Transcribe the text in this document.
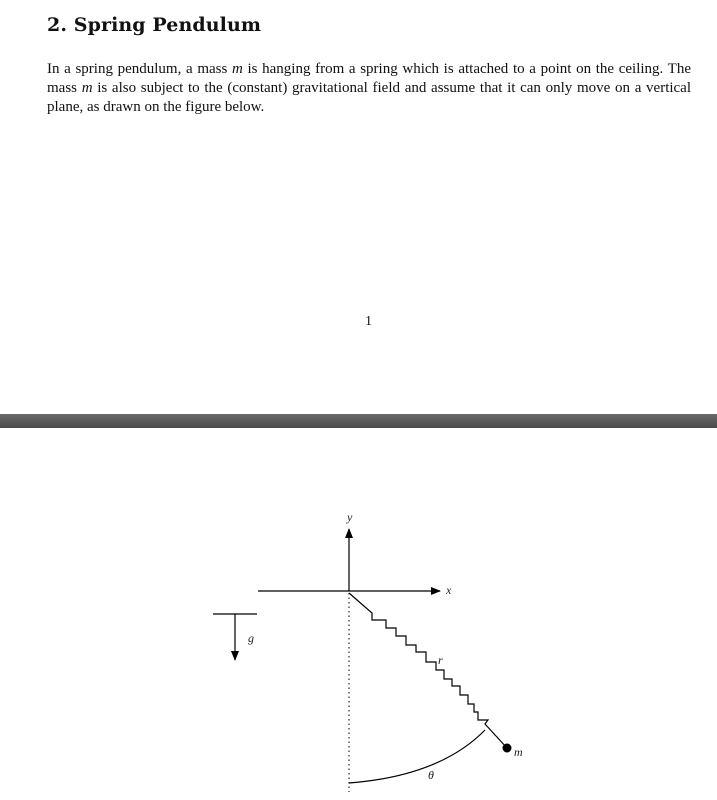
2. Spring Pendulum

In a spring pendulum, a mass m is hanging from a spring which is attached to a point on the ceiling. The mass m is also subject to the (constant) gravitational field and assume that it can only move on a vertical plane, as drawn on the figure below.

1
y
x
g⃗
r
m
θ
